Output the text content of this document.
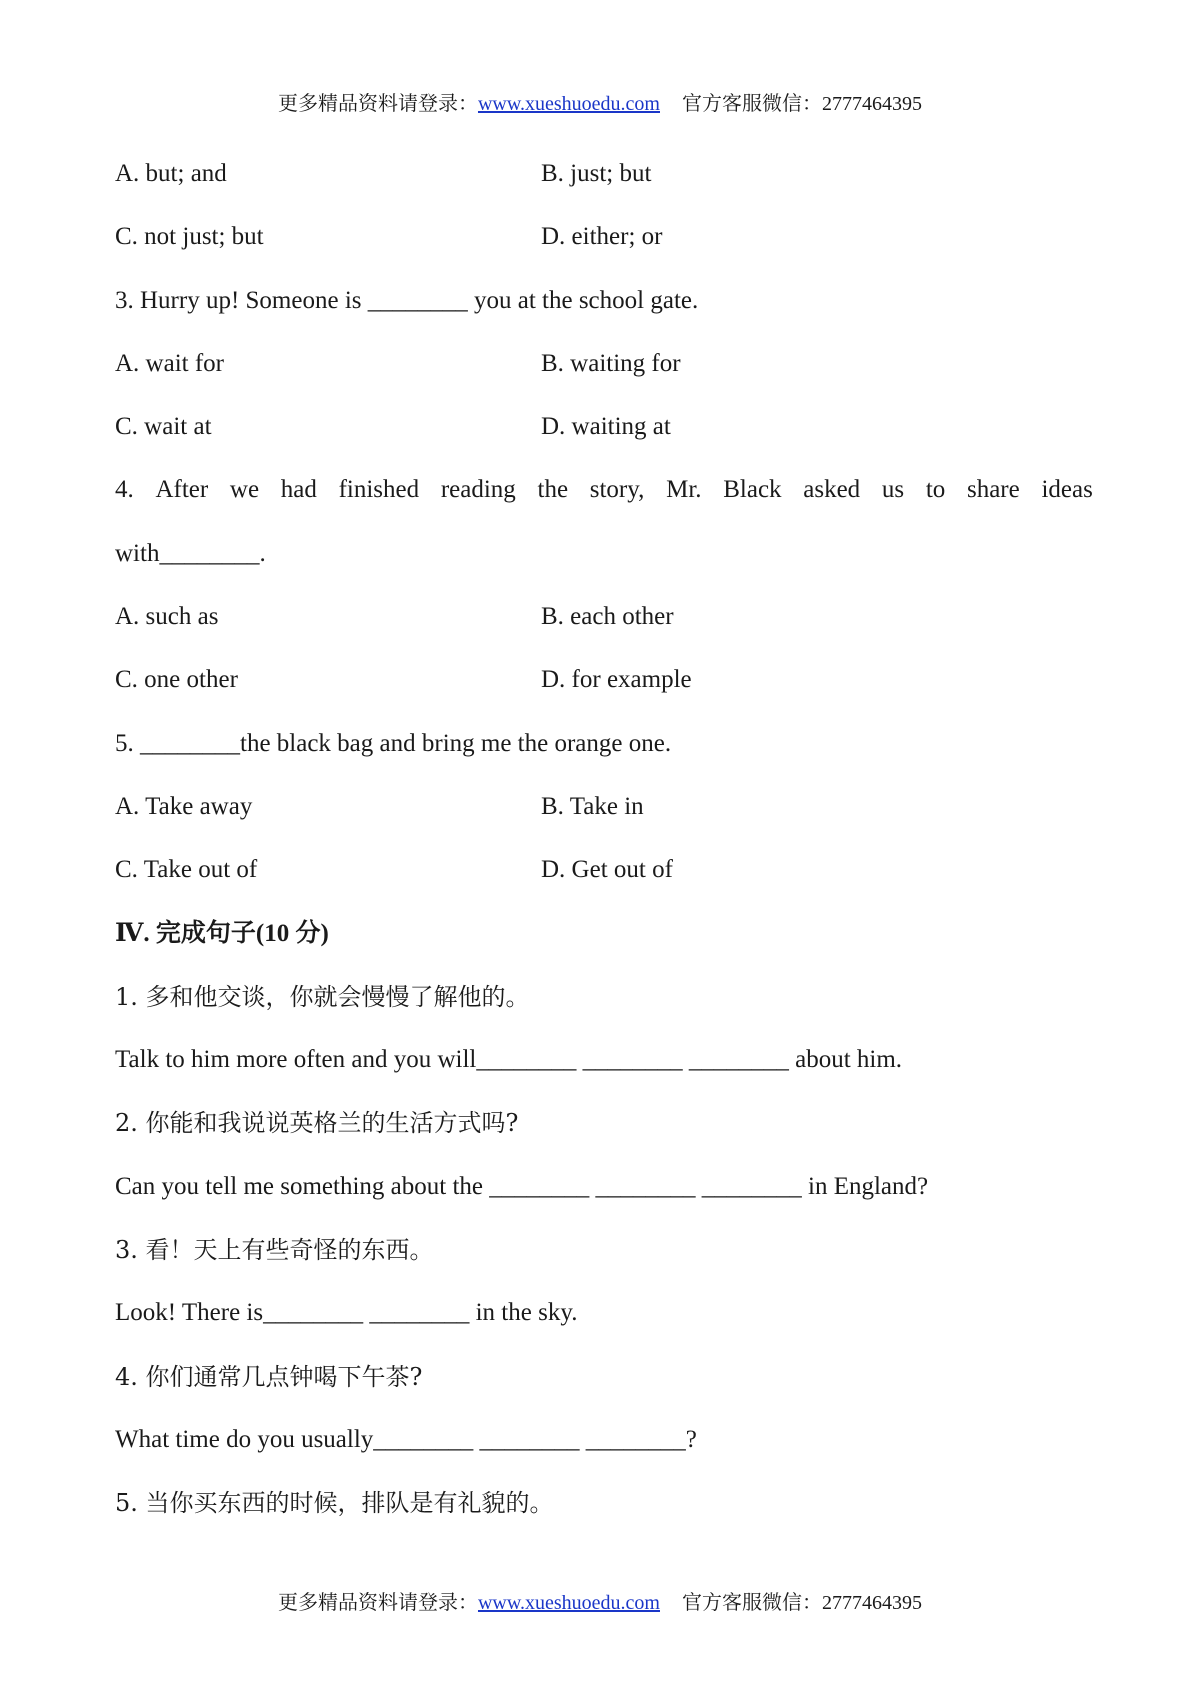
更多精品资料请登录：www.xueshuoedu.com 官方客服微信：2777464395
A. but; and	B. just; but
C. not just; but	D. either; or
3. Hurry up! Someone is ________ you at the school gate.
A. wait for	B. waiting for
C. wait at	D. waiting at
4. After we had finished reading the story, Mr. Black asked us to share ideas
with________.
A. such as	B. each other
C. one other	D. for example
5. ________the black bag and bring me the orange one.
A. Take away	B. Take in
C. Take out of	D. Get out of
Ⅳ. 完成句子(10 分)
1. 多和他交谈，你就会慢慢了解他的。
Talk to him more often and you will________ ________ ________ about him.
2. 你能和我说说英格兰的生活方式吗?
Can you tell me something about the ________ ________ ________ in England?
3. 看！天上有些奇怪的东西。
Look! There is________ ________ in the sky.
4. 你们通常几点钟喝下午茶?
What time do you usually________ ________ ________?
5. 当你买东西的时候，排队是有礼貌的。
更多精品资料请登录：www.xueshuoedu.com 官方客服微信：2777464395
